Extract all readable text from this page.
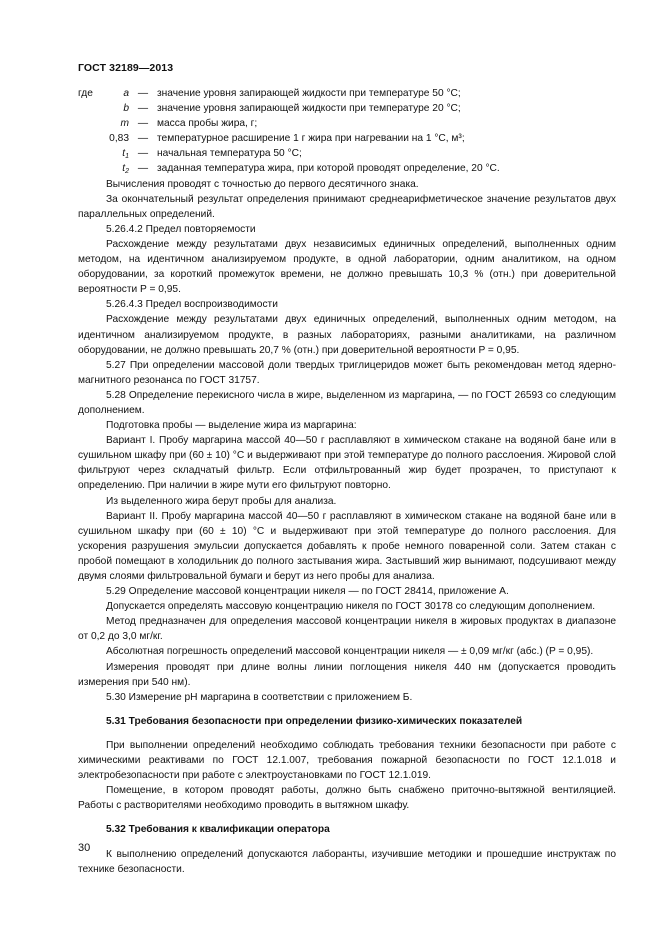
ГОСТ 32189—2013
где	a — значение уровня запирающей жидкости при температуре 50 °С;
b — значение уровня запирающей жидкости при температуре 20 °С;
m — масса пробы жира, г;
0,83 — температурное расширение 1 г жира при нагревании на 1 °С, м³;
$t_1$ — начальная температура 50 °С;
$t_2$ — заданная температура жира, при которой проводят определение, 20 °С.

Вычисления проводят с точностью до первого десятичного знака.

За окончательный результат определения принимают среднеарифметическое значение результатов двух параллельных определений.

5.26.4.2 Предел повторяемости

Расхождение между результатами двух независимых единичных определений, выполненных одним методом, на идентичном анализируемом продукте, в одной лаборатории, одним аналитиком, на одном оборудовании, за короткий промежуток времени, не должно превышать 10,3 % (отн.) при доверительной вероятности P = 0,95.

5.26.4.3 Предел воспроизводимости

Расхождение между результатами двух единичных определений, выполненных одним методом, на идентичном анализируемом продукте, в разных лабораториях, разными аналитиками, на различном оборудовании, не должно превышать 20,7 % (отн.) при доверительной вероятности P = 0,95.

5.27 При определении массовой доли твердых триглицеридов может быть рекомендован метод ядерно-магнитного резонанса по ГОСТ 31757.

5.28 Определение перекисного числа в жире, выделенном из маргарина, — по ГОСТ 26593 со следующим дополнением.

Подготовка пробы — выделение жира из маргарина:

Вариант I. Пробу маргарина массой 40—50 г расплавляют в химическом стакане на водяной бане или в сушильном шкафу при (60 ± 10) °С и выдерживают при этой температуре до полного расслоения. Жировой слой фильтруют через складчатый фильтр. Если отфильтрованный жир будет прозрачен, то приступают к определению. При наличии в жире мути его фильтруют повторно.

Из выделенного жира берут пробы для анализа.

Вариант II. Пробу маргарина массой 40—50 г расплавляют в химическом стакане на водяной бане или в сушильном шкафу при (60 ± 10) °С и выдерживают при этой температуре до полного расслоения. Для ускорения разрушения эмульсии допускается добавлять к пробе немного поваренной соли. Затем стакан с пробой помещают в холодильник до полного застывания жира. Застывший жир вынимают, подсушивают между двумя слоями фильтровальной бумаги и берут из него пробы для анализа.

5.29 Определение массовой концентрации никеля — по ГОСТ 28414, приложение А.

Допускается определять массовую концентрацию никеля по ГОСТ 30178 со следующим дополнением.

Метод предназначен для определения массовой концентрации никеля в жировых продуктах в диапазоне от 0,2 до 3,0 мг/кг.

Абсолютная погрешность определений массовой концентрации никеля — ± 0,09 мг/кг (абс.) (P = 0,95).

Измерения проводят при длине волны линии поглощения никеля 440 нм (допускается проводить измерения при 540 нм).

5.30 Измерение рН маргарина в соответствии с приложением Б.

5.31 Требования безопасности при определении физико-химических показателей

При выполнении определений необходимо соблюдать требования техники безопасности при работе с химическими реактивами по ГОСТ 12.1.007, требования пожарной безопасности по ГОСТ 12.1.018 и электробезопасности при работе с электроустановками по ГОСТ 12.1.019.

Помещение, в котором проводят работы, должно быть снабжено приточно-вытяжной вентиляцией. Работы с растворителями необходимо проводить в вытяжном шкафу.

5.32 Требования к квалификации оператора

К выполнению определений допускаются лаборанты, изучившие методики и прошедшие инструктаж по технике безопасности.

30
